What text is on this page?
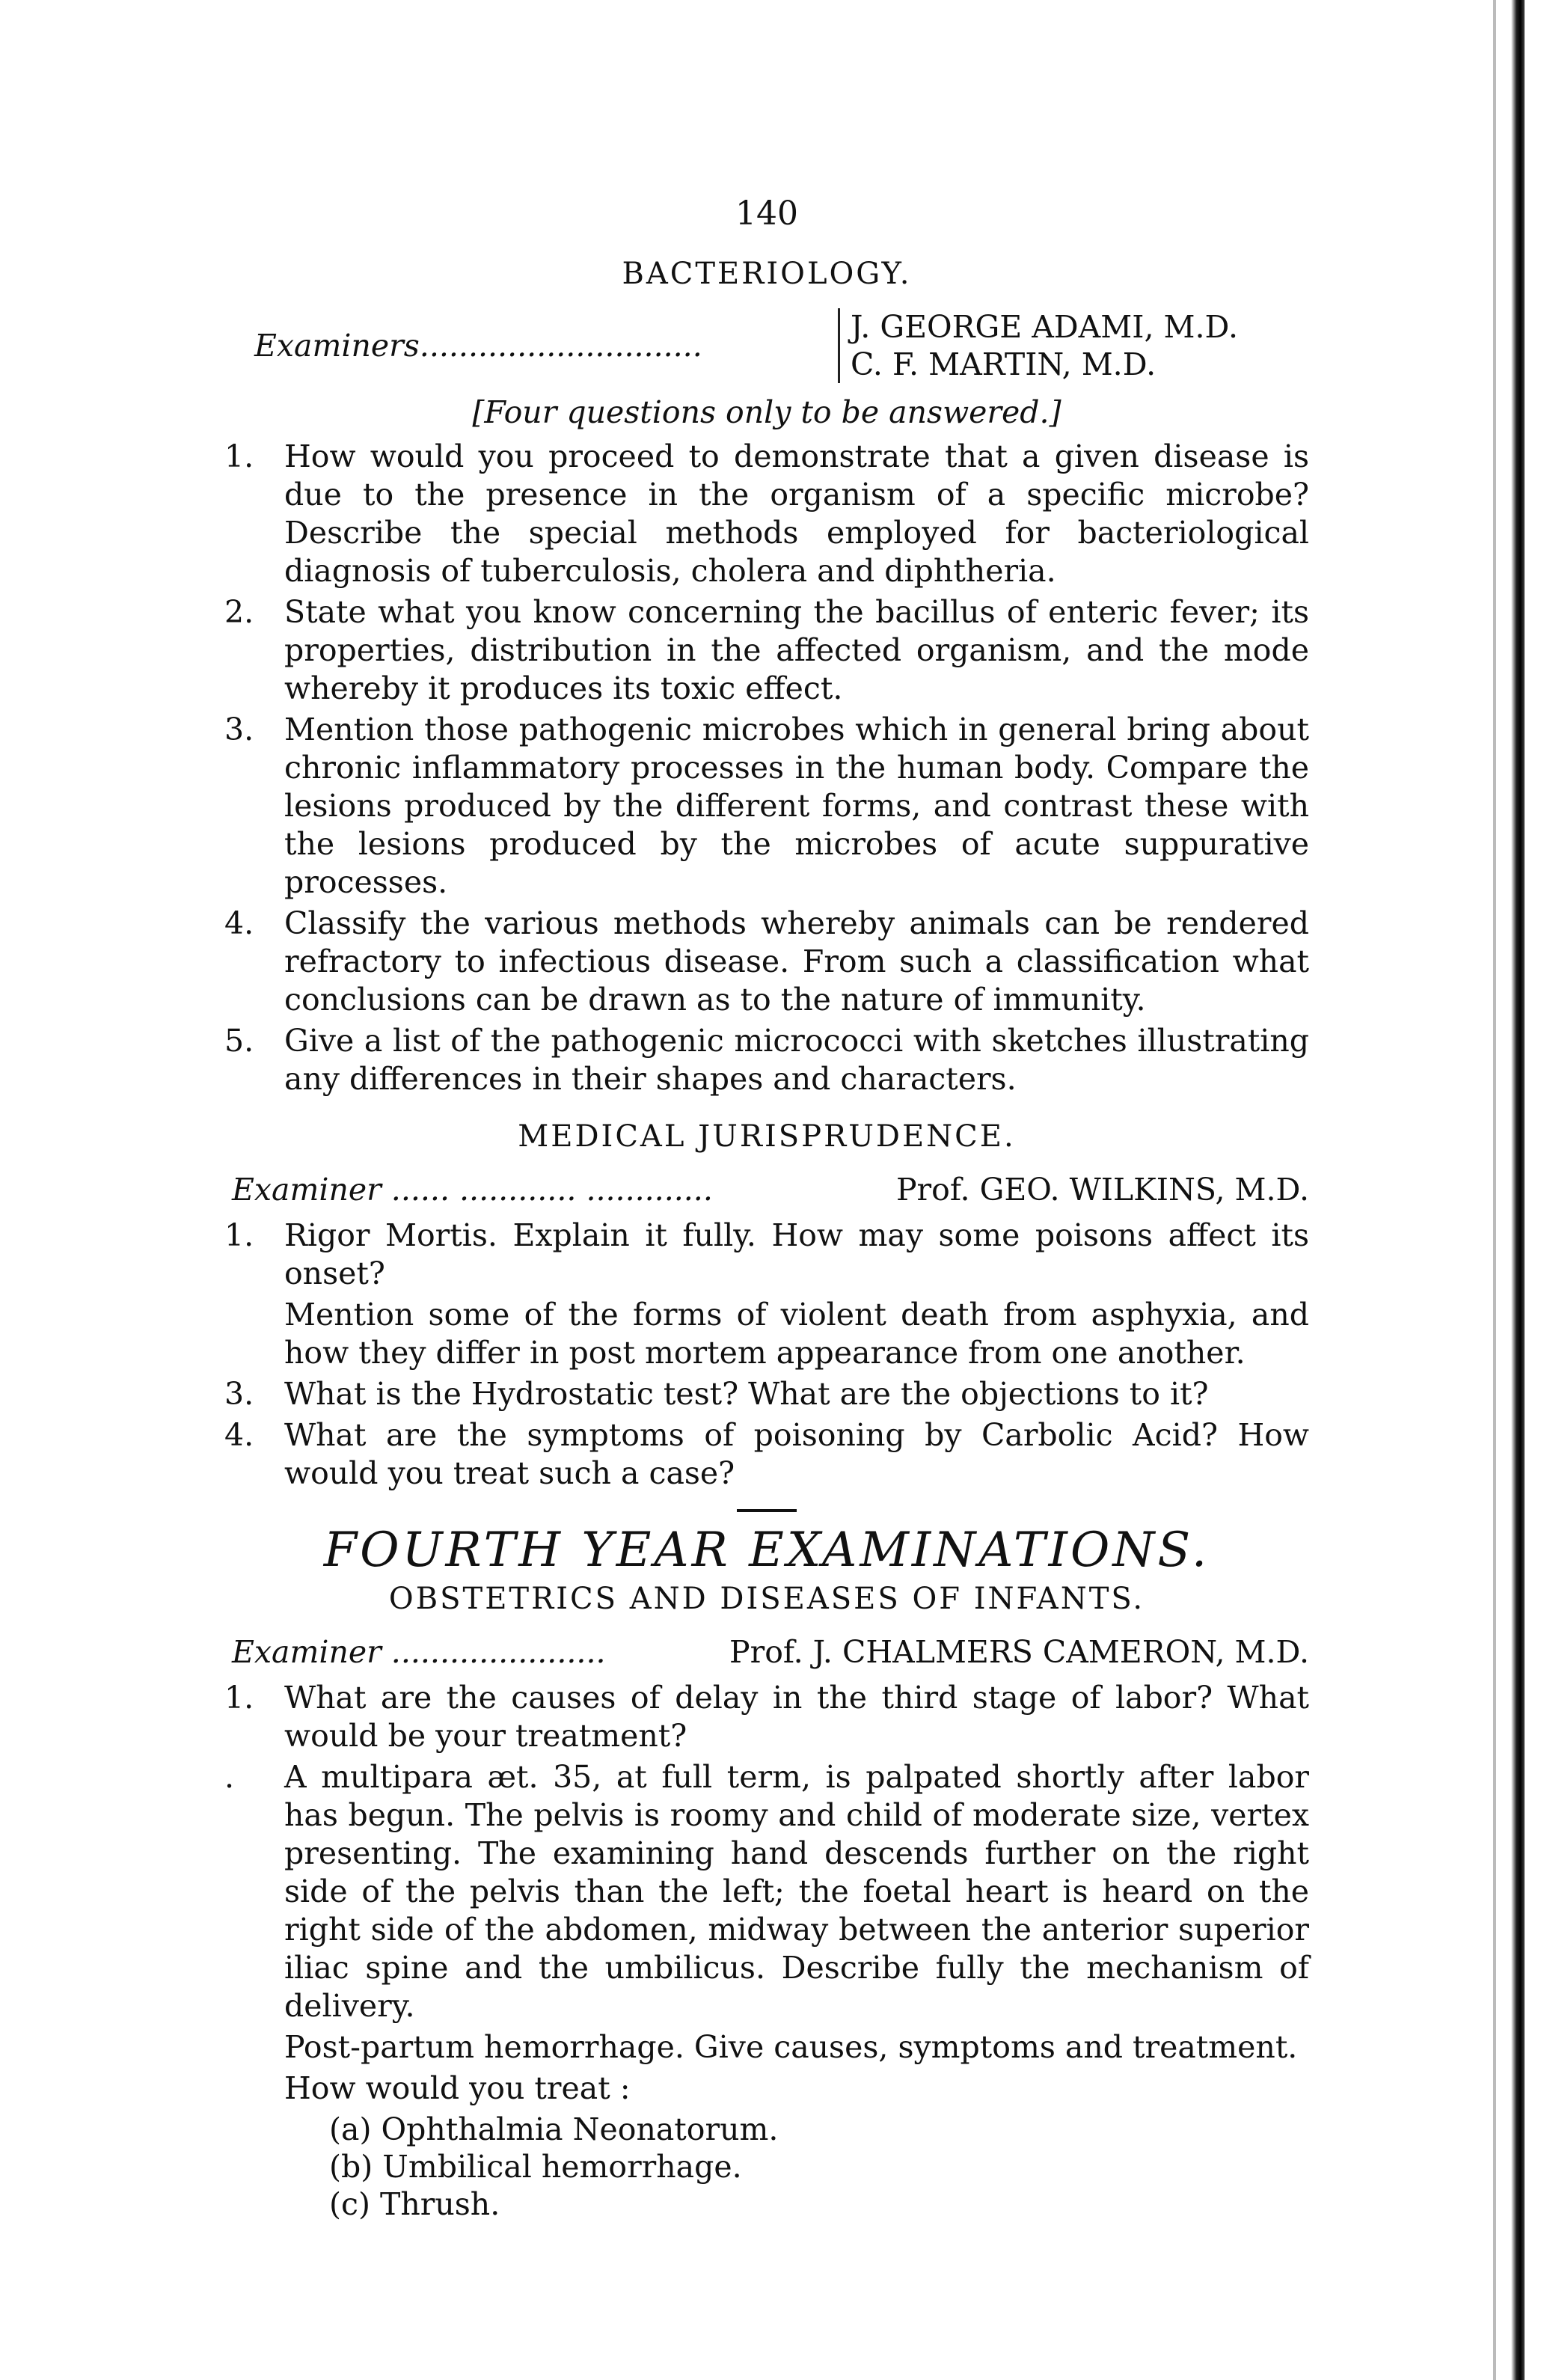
140
BACTERIOLOGY.
Examiners.............................
J. GEORGE ADAMI, M.D.
C. F. MARTIN, M.D.
[Four questions only to be answered.]
1. How would you proceed to demonstrate that a given disease is due to the presence in the organism of a specific microbe? Describe the special methods employed for bacteriological diagnosis of tuberculosis, cholera and diphtheria.
2. State what you know concerning the bacillus of enteric fever; its properties, distribution in the affected organism, and the mode whereby it produces its toxic effect.
3. Mention those pathogenic microbes which in general bring about chronic inflammatory processes in the human body. Compare the lesions produced by the different forms, and contrast these with the lesions produced by the microbes of acute suppurative processes.
4. Classify the various methods whereby animals can be rendered refractory to infectious disease. From such a classification what conclusions can be drawn as to the nature of immunity.
5. Give a list of the pathogenic micrococci with sketches illustrating any differences in their shapes and characters.
MEDICAL JURISPRUDENCE.
Examiner ...... ............ .............	Prof. GEO. WILKINS, M.D.
1. Rigor Mortis. Explain it fully. How may some poisons affect its onset?
Mention some of the forms of violent death from asphyxia, and how they differ in post mortem appearance from one another.
3. What is the Hydrostatic test? What are the objections to it?
4. What are the symptoms of poisoning by Carbolic Acid? How would you treat such a case?
FOURTH YEAR EXAMINATIONS.
OBSTETRICS AND DISEASES OF INFANTS.
Examiner ......................	Prof. J. CHALMERS CAMERON, M.D.
1. What are the causes of delay in the third stage of labor? What would be your treatment?
. A multipara æt. 35, at full term, is palpated shortly after labor has begun. The pelvis is roomy and child of moderate size, vertex presenting. The examining hand descends further on the right side of the pelvis than the left; the foetal heart is heard on the right side of the abdomen, midway between the anterior superior iliac spine and the umbilicus. Describe fully the mechanism of delivery.
Post-partum hemorrhage. Give causes, symptoms and treatment.
How would you treat :
(a) Ophthalmia Neonatorum.
(b) Umbilical hemorrhage.
(c) Thrush.
